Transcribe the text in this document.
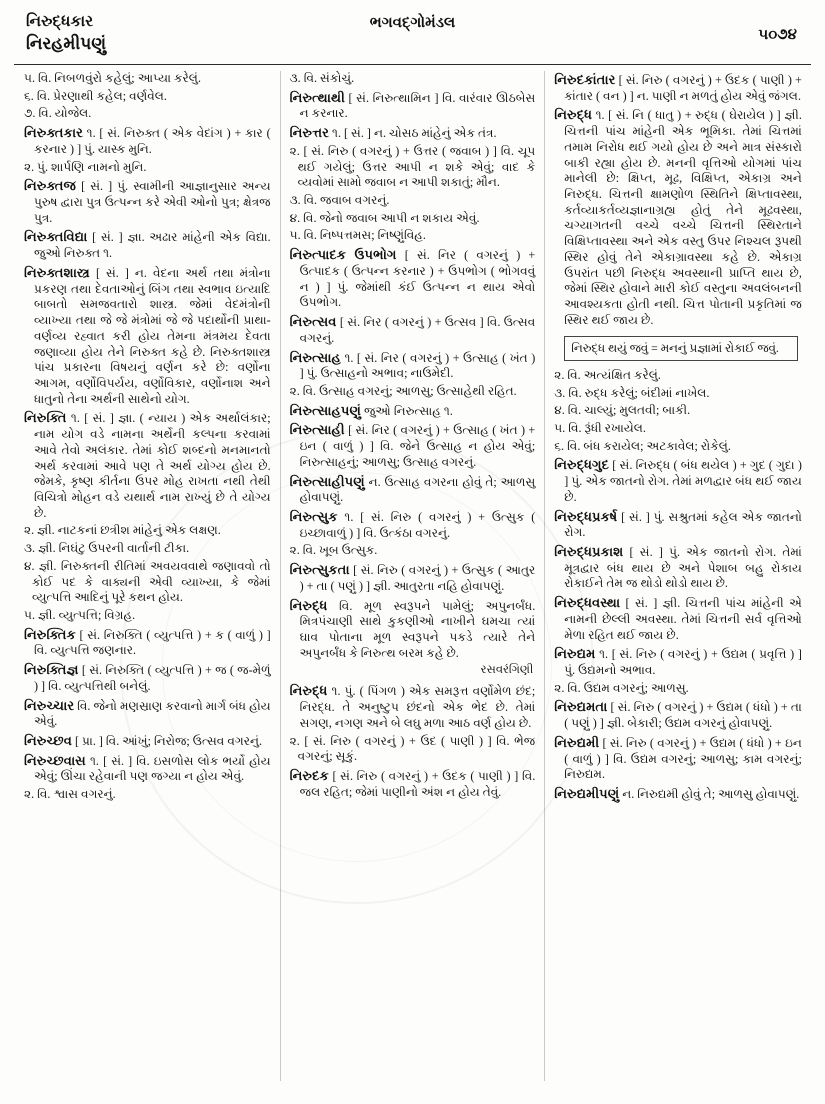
નિરુદ્ધકાર
નિરહમીપણું
ભગવદ્ગોમંડલ
૫૦૭૪

૫. વિ. નિબળવુંરો કહેલું; આપ્યા કરેલું.

૬. વિ. પ્રેરણાથી કહેલ; વર્ણવેલ.

૭. વિ. યોજેલ.

નિરુક્તકાર ૧. [ સં. નિરુક્ત ( એક વેદાંગ ) + કાર ( કરનાર ) ] પું. યાસ્ક મુનિ.

૨. પું. શાર્પણિ નામનો મુનિ.

નિરુક્તજ [ સં. ] પું. સ્વામીની આજ્ઞાનુસાર અન્ય પુરુષ દ્વારા પુત્ર ઉત્પન્ન કરે એવી ઓનો પુત્ર; ક્ષેત્રજ પુત્ર.

નિરુક્તવિદ્યા [ સં. ] જ્ઞા. અઢાર માંહેની એક વિદ્યા. જુઓ નિરુક્ત ૧.

નિરુક્તશાસ્ત્ર [ સં. ] ન. વેદના અર્થ તથા મંત્રોના પ્રકરણ તથા દેવતાઓનું બિંગ તથા સ્વભાવ ઇત્યાદિ બાબતો સમજવતારો શાસ્ત્ર. જેમાં વેદમંત્રોની વ્યાખ્યા તથા જે જે મંત્રોમાં જે જે પદાર્થોની પ્રાથા-વર્ણવ્ય રહ્વાત કરી હોય તેમના મંત્રમય દેવતા જણાવ્યા હોય તેને નિરુક્ત કહે છે. નિરુક્તશાસ્ત્ર પાંચ પ્રકારના વિષયનું વર્ણન કરે છે: વર્ણોના આગમ, વર્ણોવિપર્યય, વર્ણોવિકાર, વર્ણોનાશ અને ધાતુનો તેના અર્થની સાથેનો યોગ.

નિરુક્તિ ૧. [ સં. ] જ્ઞા. ( ન્યાય ) એક અર્થાલંકાર; નામ યોગ વડે નામના અર્થેની કલ્પના કરવામાં આવે તેવો અલંકાર. તેમાં કોઈ શબ્દનો મનમાનતો અર્થ કરવામાં આવે પણ તે અર્થ યોગ્ય હોય છે. જેમકે, કૃષ્ણ કીર્તના ઉપર મોહ રાખતા નથી તેથી વિચિત્રો મોહન વડે યથાર્થ નામ રાખ્યું છે તે યોગ્ય છે.

૨. જ્ઞી. નાટકનાં છત્રીશ માંહેનું એક લક્ષણ.

૩. જ્ઞી. નિઘંટુ ઉપરની વાર્તાની ટીકા.

૪. જ્ઞી. નિરુક્તની રીતિમાં અવયવવાથે જણાવવો તો કોઈ પદ કે વાક્યની એવી વ્યાખ્યા, કે જેમાં વ્યુત્પત્તિ આદિનું પૂરે કથન હોય.

૫. જ્ઞી. વ્યુત્પત્તિ; વિગ્રહ.

નિરુક્તિક [ સં. નિરુક્તિ ( વ્યુત્પત્તિ ) + ક ( વાળું ) ] વિ. વ્યુત્પત્તિ જણનાર.

નિરુક્તિજ્ઞ [ સં. નિરુક્તિ ( વ્યુત્પત્તિ ) + જ ( જ-મેળું ) ] વિ. વ્યુત્પત્તિથી બનેલું.

નિરુચ્ચાર વિ. જેનો મણસ્રાણ કરવાનો માર્ગ બંધ હોય એવું.

નિરુચ્છવ [ પ્રા. ] વિ. આંખું; નિરોજ; ઉત્સવ વગરનું.

નિરુચ્છવાસ ૧. [ સં. ] વિ. ઇસળોસ લોક ભર્યો હોય એવું; ઊંચા રહેવાની પણ જગ્યા ન હોય એવું.

૨. વિ. શ્વાસ વગરનું.

૩. વિ. સંકોચું.

નિરુત્થાથી [ સં. નિરુત્થામિન ] વિ. વારંવાર ઊઠબેસ ન કરનાર.

નિરુત્તર ૧. [ સં. ] ન. ચોસઠ માંહેનું એક તંત્ર.

૨. [ સં. નિરુ ( વગરનું ) + ઉત્તર ( જવાબ ) ] વિ. ચૂપ થઈ ગયેલું; ઉત્તર આપી ન શકે એવું; વાદ કે વ્યવોમાં સામો જવાબ ન આપી શકાતું; મૌન.

૩. વિ. જવાબ વગરનું.

૪. વિ. જેનો જવાબ આપી ન શકાય એવું.

૫. વિ. નિષ્પત્તમસ; નિષ્ણુંવિહ.

નિરુત્પાદક ઉપભોગ [ સં. નિર ( વગરનું ) + ઉત્પાદક ( ઉત્પન્ન કરનાર ) + ઉપભોગ ( ભોગવવું ન ) ] પું. જેમાંથી કંઈ ઉત્પન્ન ન થાય એવો ઉપભોગ.

નિરુત્સવ [ સં. નિર ( વગરનું ) + ઉત્સવ ] વિ. ઉત્સવ વગરનું.

નિરુત્સાહ ૧. [ સં. નિર ( વગરનું ) + ઉત્સાહ ( ખંત ) ] પું. ઉત્સાહનો અભાવ; નાઉમેદી.

૨. વિ. ઉત્સાહ વગરનું; આળસુ; ઉત્સાહેથી રહિત.

નિરુત્સાહપણું જુઓ નિરુત્સાહ ૧.

નિરુત્સાહી [ સં. નિર ( વગરનું ) + ઉત્સાહ ( ખંત ) + ઇન ( વાળું ) ] વિ. જેને ઉત્સાહ ન હોય એવું; નિરુત્સાહનું; આળસુ; ઉત્સાહ વગરનું.

નિરુત્સાહીપણું ન. ઉત્સાહ વગરના હોવું તે; આળસુ હોવાપણું.

નિરુત્સુક ૧. [ સં. નિરુ ( વગરનું ) + ઉત્સુક ( ઇચ્છાવાળું ) ] વિ. ઉત્કંઠા વગરનું.

૨. વિ. ખૂબ ઉત્સુક.

નિરુત્સુકતા [ સં. નિરુ ( વગરનું ) + ઉત્સુક ( આતુર ) + તા ( પણું ) ] જ્ઞી. આતુરતા નહિ હોવાપણું.

નિરુદ્ધ વિ. મૂળ સ્વરૂપને પામેલું; અપુનર્બંધ. મિત્રપંચાણી સાથે કુકણીઓ નાખીને ઘમચા ત્યાં ઘાવ પોતાના મૂળ સ્વરૂપને પકડે ત્યારે તેને અપુનર્બંધ કે નિરુત્થ બરમ કહે છે.

રસવરંગિણી

નિરુદ્ધ ૧. પું. ( પિંગળ ) એક સમરૂત્ત વર્ણોમેળ છંદ; નિરદ્ધ. તે અનુષ્ટુપ છંદનો એક ભેદ છે. તેમાં સગણ, નગણ અને બે લઘુ મળા આઠ વર્ણ હોય છે.

૨. [ સં. નિરુ ( વગરનું ) + ઉદ ( પાણી ) ] વિ. ભેજ વગરનું; સૂકું.

નિરુદક [ સં. નિરુ ( વગરનું ) + ઉદક ( પાણી ) ] વિ. જલ રહિત; જેમાં પાણીનો અંશ ન હોય તેવું.

નિરુદકાંતાર [ સં. નિરુ ( વગરનું ) + ઉદક ( પાણી ) + કાંતાર ( વન ) ] ન. પાણી ન મળતું હોય એવું જંગલ.

નિરુદ્ધ ૧. [ સં. નિ ( ધાતુ ) + રુદ્ધ ( ઘેરાયેલ ) ] જ્ઞી. ચિત્તની પાંચ માંહેની એક ભૂમિકા. તેમાં ચિત્તમાં તમામ નિરોધ થઈ ગયો હોય છે અને માત્ર સંસ્કારો બાકી રહ્યા હોય છે. મનની વૃત્તિઓ યોગમાં પાંચ માનેલી છે: ક્ષિપ્ત, મૂઢ, વિક્ષિપ્ત, એકાગ્ર અને નિરુદ્ધ. ચિત્તની ક્ષામણોળ સ્થિતિને ક્ષિપ્તાવસ્થા, કર્તવ્યાકર્તવ્યજ્ઞાનાગ્રહ્ય હોતું તેને મૂઢવસ્થા, ચગ્યાગતની વચ્ચે વચ્ચે ચિત્તની સ્થિરતાને વિક્ષિપ્તાવસ્થા અને એક વસ્તુ ઉપર નિશ્ચલ રૂપથી સ્થિર હોવું તેને એકાગ્રાવસ્થા કહે છે. એકાગ્ર ઉપરાંત પછી નિરુદ્ધ અવસ્થાની પ્રાપ્તિ થાય છે, જેમાં સ્થિર હોવાને મારી કોઈ વસ્તુના અવલંબનની આવશ્યકતા હોતી નથી. ચિત્ત પોતાની પ્રકૃતિમાં જ સ્થિર થઈ જાય છે.

નિરુદ્ધ થયું જવું = મનનું પ્રજ્ઞામાં રોકાઈ જવું.

૨. વિ. અત્યંક્ષિત કરેલું.

૩. વિ. રુદ્ધ કરેલું; બંદીમાં નાખેલ.

૪. વિ. ચાલ્યું; મુલતવી; બાકી.

૫. વિ. રૂંધી રખાયેલ.

૬. વિ. બંધ કરાયેલ; અટકાવેલ; રોકેલું.

નિરુદ્ધગુદ [ સં. નિરુદ્ધ ( બંધ થયેલ ) + ગુદ ( ગુદા ) ] પું. એક જાતનો રોગ. તેમાં મળદ્વાર બંધ થઈ જાય છે.

નિરુદ્ધપ્રકર્ષ [ સં. ] પું. સશ્રુતમાં કહેલ એક જાતનો રોગ.

નિરુદ્ધપ્રકાશ [ સં. ] પું. એક જાતનો રોગ. તેમાં મૂત્રદ્વાર બંધ થાય છે અને પેશાબ બહુ રોકાય રોકાઈને તેમ જ થોડો થોડો થાય છે.

નિરુદ્ધવસ્થા [ સં. ] જ્ઞી. ચિત્તની પાંચ માંહેની એ નામની છેલ્લી અવસ્થા. તેમાં ચિત્તની સર્વ વૃત્તિઓ મેળા રહિત થઈ જાય છે.

નિરુદ્યમ ૧. [ સં. નિરુ ( વગરનું ) + ઉદ્યમ ( પ્રવૃત્તિ ) ] પું. ઉદ્યમનો અભાવ.

૨. વિ. ઉદ્યમ વગરનું; આળસુ.

નિરુદ્યમતા [ સં. નિરુ ( વગરનું ) + ઉદ્યમ ( ધંધો ) + તા ( પણું ) ] જ્ઞી. બેકારી; ઉદ્યમ વગરનું હોવાપણું.

નિરુદ્યમી [ સં. નિરુ ( વગરનું ) + ઉદ્યમ ( ધંધો ) + ઇન ( વાળું ) ] વિ. ઉદ્યમ વગરનું; આળસુ; કામ વગરનું; નિરુદ્યમ.

નિરુદ્યમીપણું ન. નિરુદ્યમી હોવું તે; આળસુ હોવાપણું.
